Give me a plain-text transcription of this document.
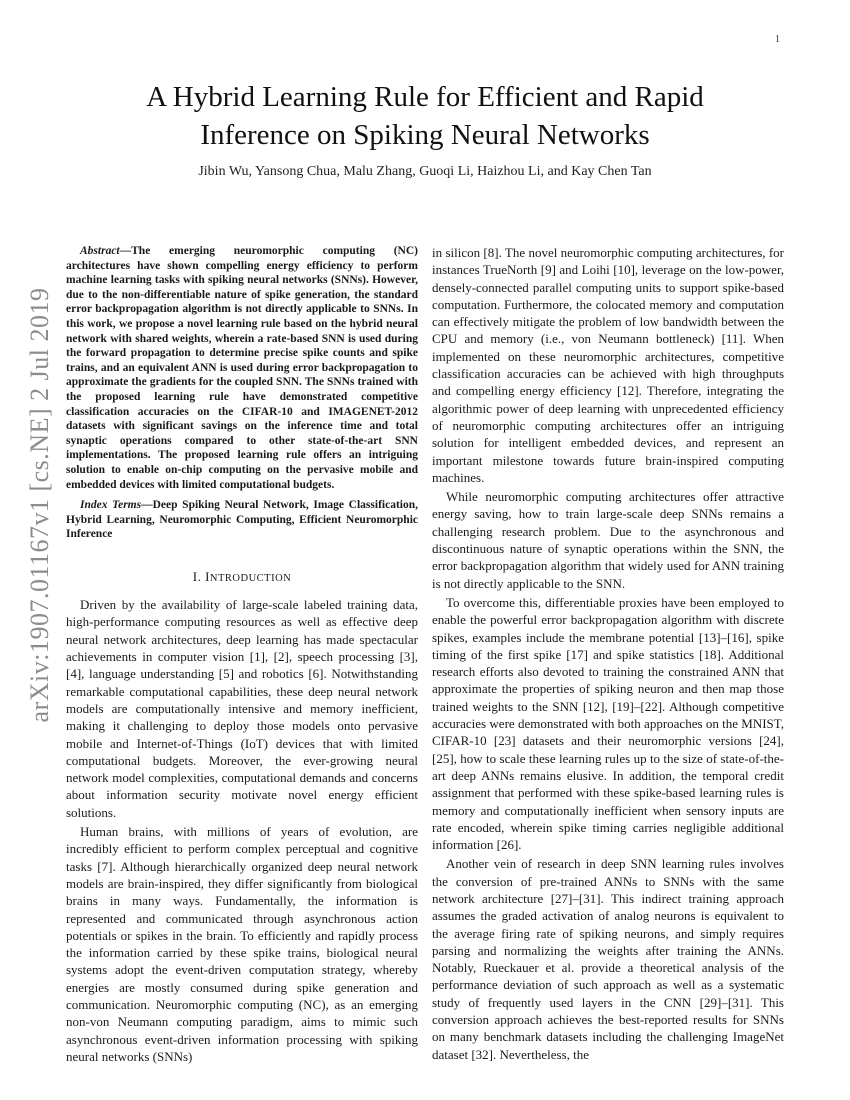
1
arXiv:1907.01167v1 [cs.NE] 2 Jul 2019
A Hybrid Learning Rule for Efficient and Rapid
Inference on Spiking Neural Networks
Jibin Wu, Yansong Chua, Malu Zhang, Guoqi Li, Haizhou Li, and Kay Chen Tan

Abstract—The emerging neuromorphic computing (NC) architectures have shown compelling energy efficiency to perform machine learning tasks with spiking neural networks (SNNs). However, due to the non-differentiable nature of spike generation, the standard error backpropagation algorithm is not directly applicable to SNNs. In this work, we propose a novel learning rule based on the hybrid neural network with shared weights, wherein a rate-based SNN is used during the forward propagation to determine precise spike counts and spike trains, and an equivalent ANN is used during error backpropagation to approximate the gradients for the coupled SNN. The SNNs trained with the proposed learning rule have demonstrated competitive classification accuracies on the CIFAR-10 and IMAGENET-2012 datasets with significant savings on the inference time and total synaptic operations compared to other state-of-the-art SNN implementations. The proposed learning rule offers an intriguing solution to enable on-chip computing on the pervasive mobile and embedded devices with limited computational budgets.

Index Terms—Deep Spiking Neural Network, Image Classification, Hybrid Learning, Neuromorphic Computing, Efficient Neuromorphic Inference

I. INTRODUCTION

Driven by the availability of large-scale labeled training data, high-performance computing resources as well as effective deep neural network architectures, deep learning has made spectacular achievements in computer vision [1], [2], speech processing [3], [4], language understanding [5] and robotics [6]. Notwithstanding remarkable computational capabilities, these deep neural network models are computationally intensive and memory inefficient, making it challenging to deploy those models onto pervasive mobile and Internet-of-Things (IoT) devices that with limited computational budgets. Moreover, the ever-growing neural network model complexities, computational demands and concerns about information security motivate novel energy efficient solutions.

Human brains, with millions of years of evolution, are incredibly efficient to perform complex perceptual and cognitive tasks [7]. Although hierarchically organized deep neural network models are brain-inspired, they differ significantly from biological brains in many ways. Fundamentally, the information is represented and communicated through asynchronous action potentials or spikes in the brain. To efficiently and rapidly process the information carried by these spike trains, biological neural systems adopt the event-driven computation strategy, whereby energies are mostly consumed during spike generation and communication. Neuromorphic computing (NC), as an emerging non-von Neumann computing paradigm, aims to mimic such asynchronous event-driven information processing with spiking neural networks (SNNs)

in silicon [8]. The novel neuromorphic computing architectures, for instances TrueNorth [9] and Loihi [10], leverage on the low-power, densely-connected parallel computing units to support spike-based computation. Furthermore, the colocated memory and computation can effectively mitigate the problem of low bandwidth between the CPU and memory (i.e., von Neumann bottleneck) [11]. When implemented on these neuromorphic architectures, competitive classification accuracies can be achieved with high throughputs and compelling energy efficiency [12]. Therefore, integrating the algorithmic power of deep learning with unprecedented efficiency of neuromorphic computing architectures offer an intriguing solution for intelligent embedded devices, and represent an important milestone towards future brain-inspired computing machines.

While neuromorphic computing architectures offer attractive energy saving, how to train large-scale deep SNNs remains a challenging research problem. Due to the asynchronous and discontinuous nature of synaptic operations within the SNN, the error backpropagation algorithm that widely used for ANN training is not directly applicable to the SNN.

To overcome this, differentiable proxies have been employed to enable the powerful error backpropagation algorithm with discrete spikes, examples include the membrane potential [13]–[16], spike timing of the first spike [17] and spike statistics [18]. Additional research efforts also devoted to training the constrained ANN that approximate the properties of spiking neuron and then map those trained weights to the SNN [12], [19]–[22]. Although competitive accuracies were demonstrated with both approaches on the MNIST, CIFAR-10 [23] datasets and their neuromorphic versions [24], [25], how to scale these learning rules up to the size of state-of-the-art deep ANNs remains elusive. In addition, the temporal credit assignment that performed with these spike-based learning rules is memory and computationally inefficient when sensory inputs are rate encoded, wherein spike timing carries negligible additional information [26].

Another vein of research in deep SNN learning rules involves the conversion of pre-trained ANNs to SNNs with the same network architecture [27]–[31]. This indirect training approach assumes the graded activation of analog neurons is equivalent to the average firing rate of spiking neurons, and simply requires parsing and normalizing the weights after training the ANNs. Notably, Rueckauer et al. provide a theoretical analysis of the performance deviation of such approach as well as a systematic study of frequently used layers in the CNN [29]–[31]. This conversion approach achieves the best-reported results for SNNs on many benchmark datasets including the challenging ImageNet dataset [32]. Nevertheless, the
